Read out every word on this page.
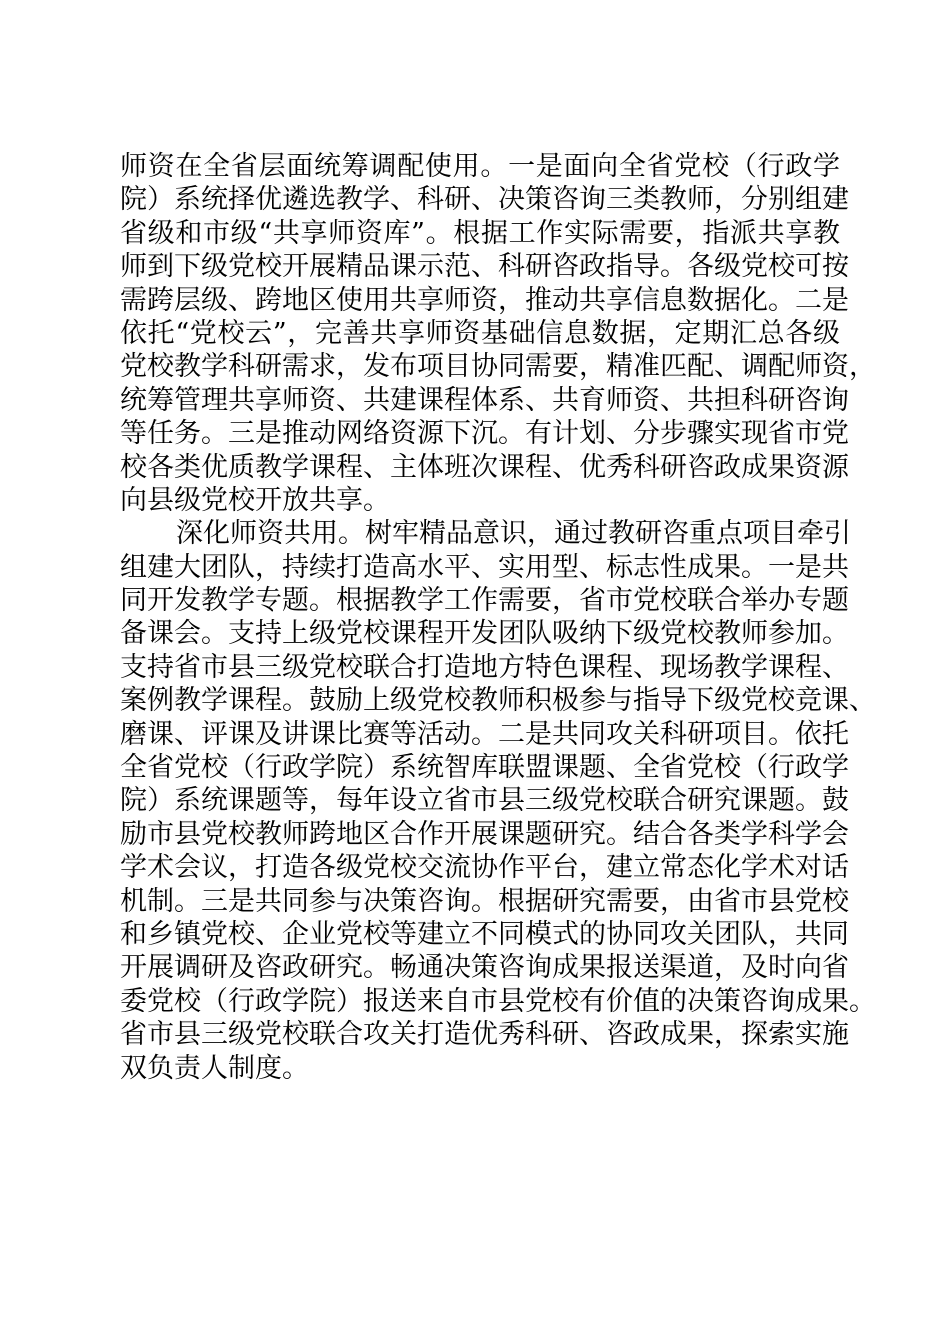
师资在全省层面统筹调配使用。一是面向全省党校（行政学
院）系统择优遴选教学、科研、决策咨询三类教师，分别组建
省级和市级“共享师资库”。根据工作实际需要，指派共享教
师到下级党校开展精品课示范、科研咨政指导。各级党校可按
需跨层级、跨地区使用共享师资，推动共享信息数据化。二是
依托“党校云”，完善共享师资基础信息数据，定期汇总各级
党校教学科研需求，发布项目协同需要，精准匹配、调配师资，
统筹管理共享师资、共建课程体系、共育师资、共担科研咨询
等任务。三是推动网络资源下沉。有计划、分步骤实现省市党
校各类优质教学课程、主体班次课程、优秀科研咨政成果资源
向县级党校开放共享。
深化师资共用。树牢精品意识，通过教研咨重点项目牵引
组建大团队，持续打造高水平、实用型、标志性成果。一是共
同开发教学专题。根据教学工作需要，省市党校联合举办专题
备课会。支持上级党校课程开发团队吸纳下级党校教师参加。
支持省市县三级党校联合打造地方特色课程、现场教学课程、
案例教学课程。鼓励上级党校教师积极参与指导下级党校竞课、
磨课、评课及讲课比赛等活动。二是共同攻关科研项目。依托
全省党校（行政学院）系统智库联盟课题、全省党校（行政学
院）系统课题等，每年设立省市县三级党校联合研究课题。鼓
励市县党校教师跨地区合作开展课题研究。结合各类学科学会
学术会议，打造各级党校交流协作平台，建立常态化学术对话
机制。三是共同参与决策咨询。根据研究需要，由省市县党校
和乡镇党校、企业党校等建立不同模式的协同攻关团队，共同
开展调研及咨政研究。畅通决策咨询成果报送渠道，及时向省
委党校（行政学院）报送来自市县党校有价值的决策咨询成果。
省市县三级党校联合攻关打造优秀科研、咨政成果，探索实施
双负责人制度。
